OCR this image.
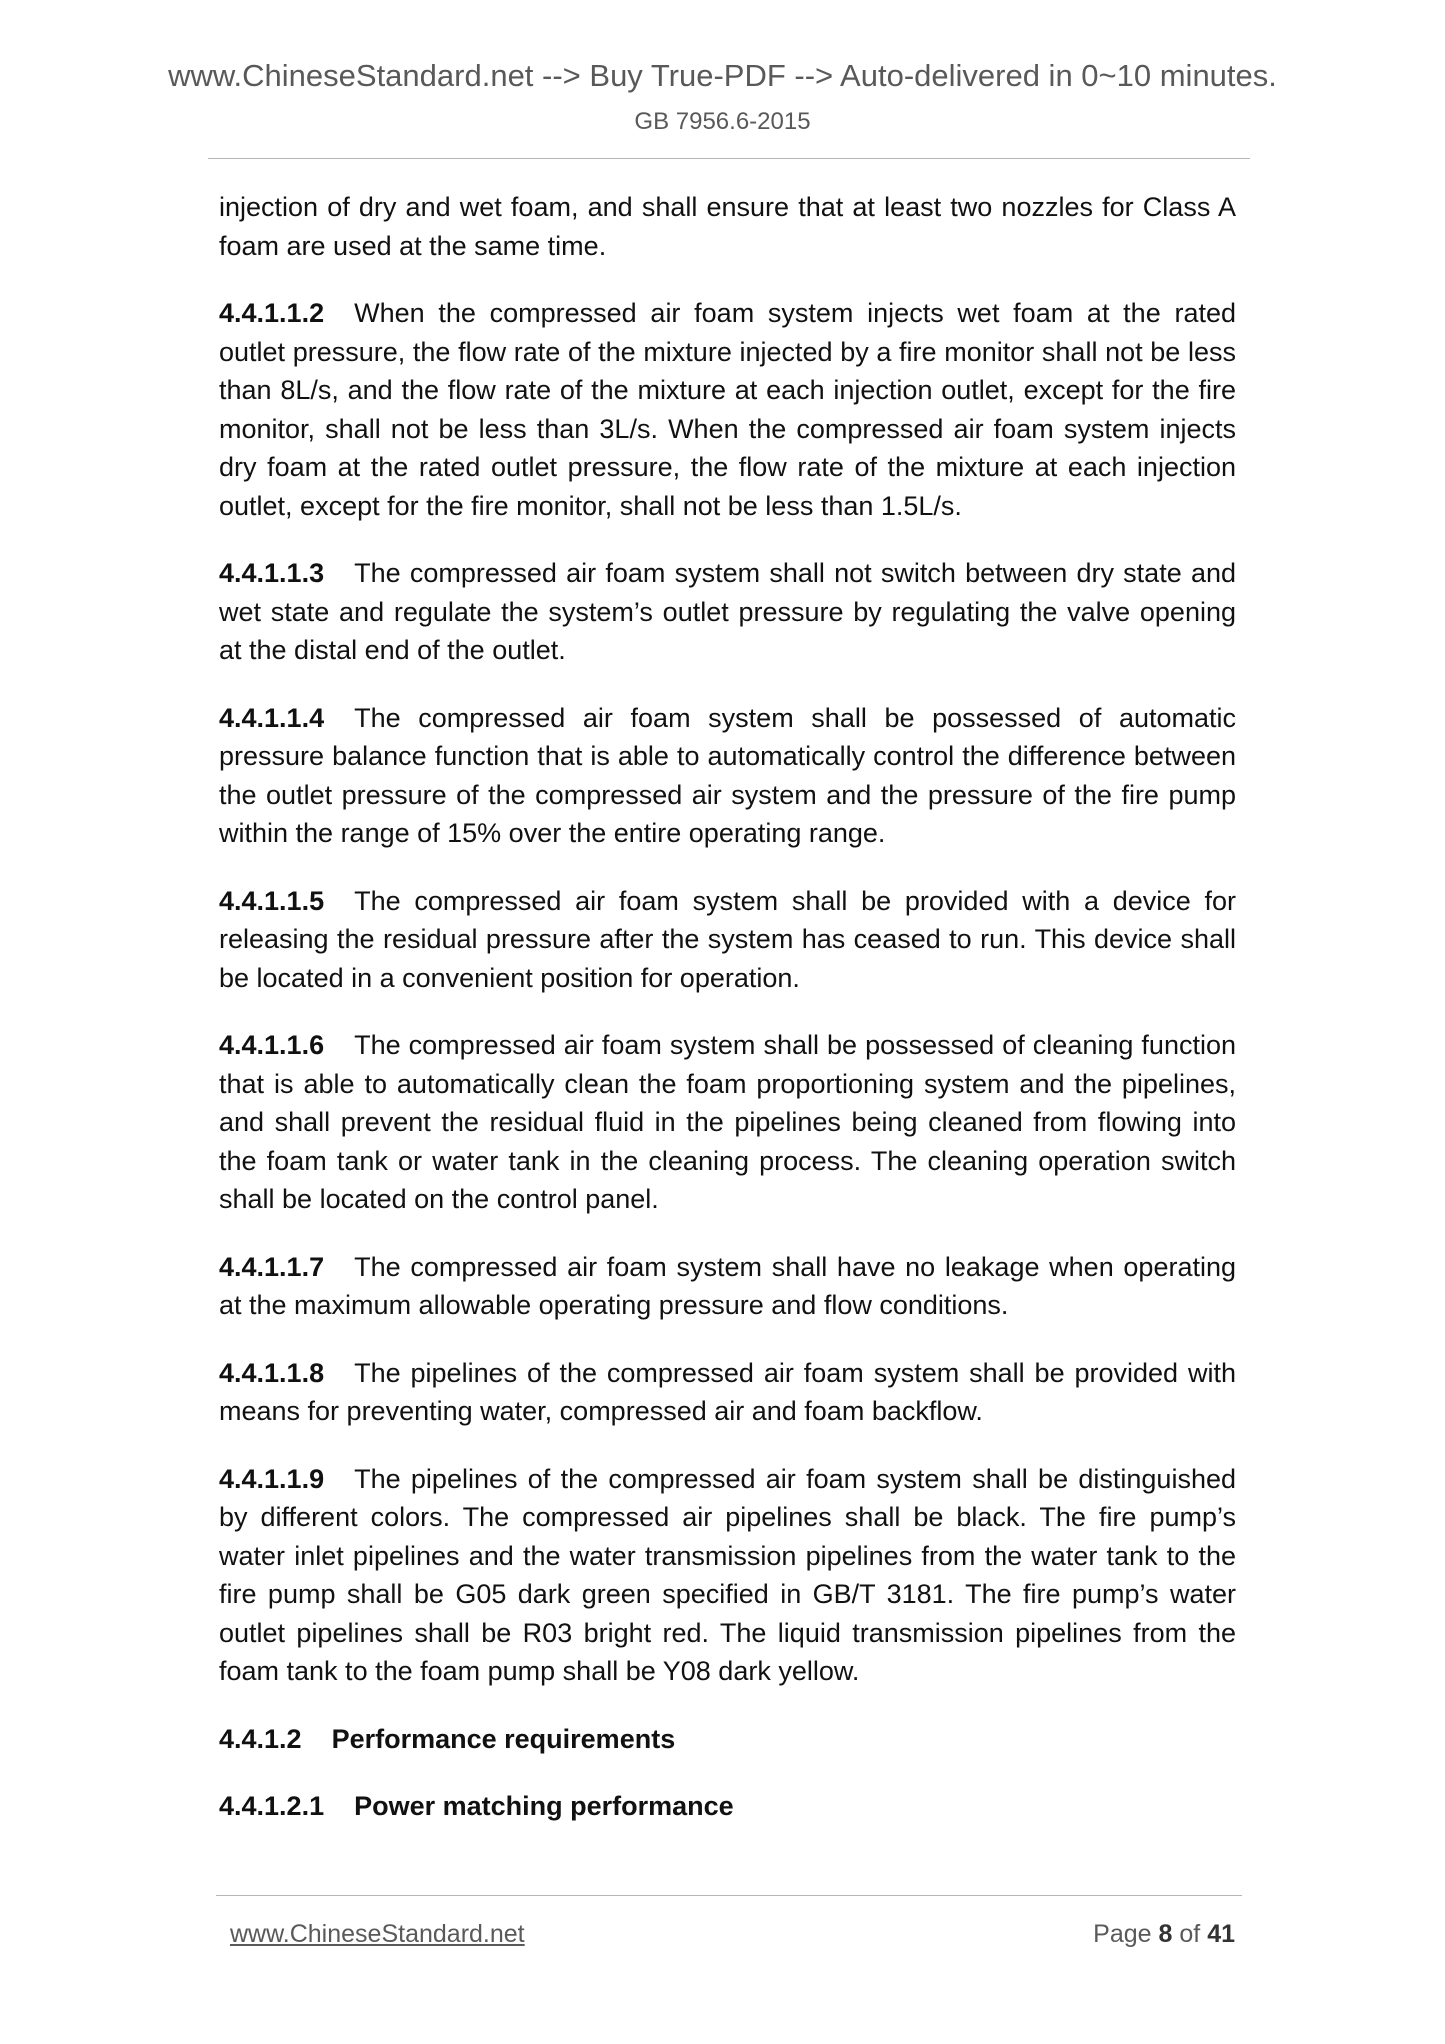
www.ChineseStandard.net --> Buy True-PDF --> Auto-delivered in 0~10 minutes.
GB 7956.6-2015

injection of dry and wet foam, and shall ensure that at least two nozzles for Class A foam are used at the same time.

4.4.1.1.2 When the compressed air foam system injects wet foam at the rated outlet pressure, the flow rate of the mixture injected by a fire monitor shall not be less than 8L/s, and the flow rate of the mixture at each injection outlet, except for the fire monitor, shall not be less than 3L/s. When the compressed air foam system injects dry foam at the rated outlet pressure, the flow rate of the mixture at each injection outlet, except for the fire monitor, shall not be less than 1.5L/s.

4.4.1.1.3 The compressed air foam system shall not switch between dry state and wet state and regulate the system’s outlet pressure by regulating the valve opening at the distal end of the outlet.

4.4.1.1.4 The compressed air foam system shall be possessed of automatic pressure balance function that is able to automatically control the difference between the outlet pressure of the compressed air system and the pressure of the fire pump within the range of 15% over the entire operating range.

4.4.1.1.5 The compressed air foam system shall be provided with a device for releasing the residual pressure after the system has ceased to run. This device shall be located in a convenient position for operation.

4.4.1.1.6 The compressed air foam system shall be possessed of cleaning function that is able to automatically clean the foam proportioning system and the pipelines, and shall prevent the residual fluid in the pipelines being cleaned from flowing into the foam tank or water tank in the cleaning process. The cleaning operation switch shall be located on the control panel.

4.4.1.1.7 The compressed air foam system shall have no leakage when operating at the maximum allowable operating pressure and flow conditions.

4.4.1.1.8 The pipelines of the compressed air foam system shall be provided with means for preventing water, compressed air and foam backflow.

4.4.1.1.9 The pipelines of the compressed air foam system shall be distinguished by different colors. The compressed air pipelines shall be black. The fire pump’s water inlet pipelines and the water transmission pipelines from the water tank to the fire pump shall be G05 dark green specified in GB/T 3181. The fire pump’s water outlet pipelines shall be R03 bright red. The liquid transmission pipelines from the foam tank to the foam pump shall be Y08 dark yellow.

4.4.1.2 Performance requirements
4.4.1.2.1 Power matching performance
www.ChineseStandard.net	Page 8 of 41
